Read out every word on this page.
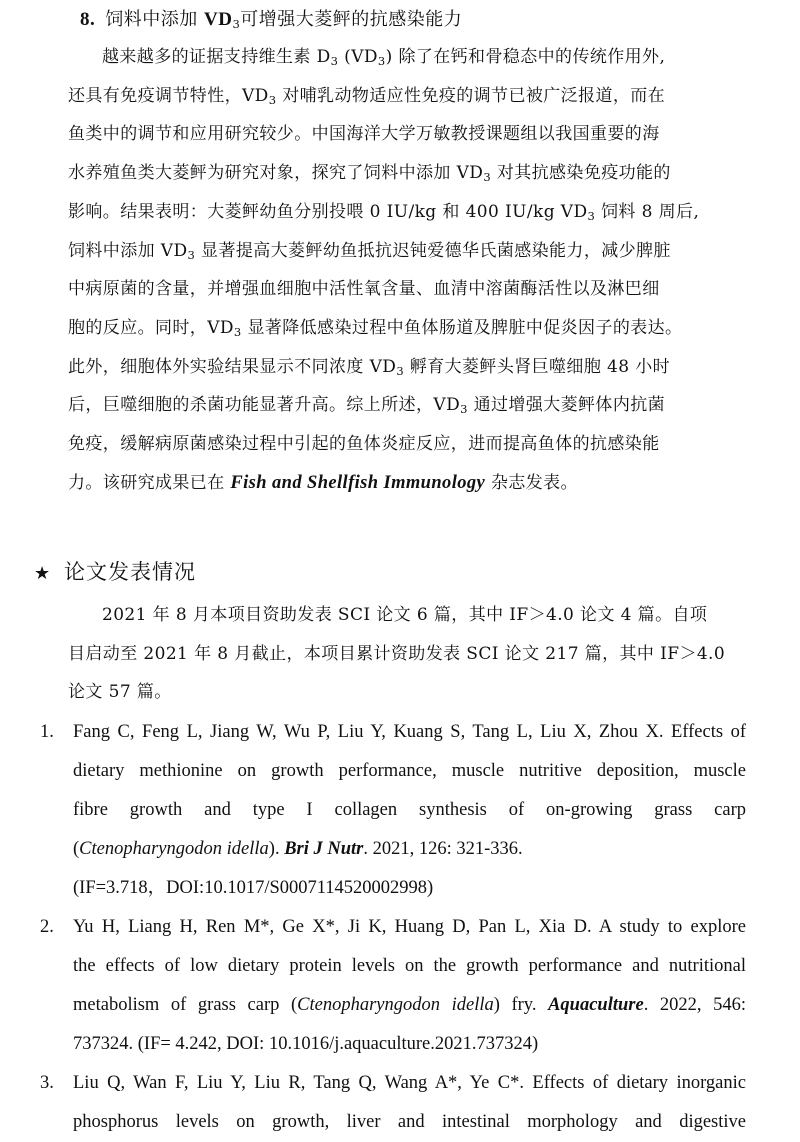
8. 饲料中添加 $VD_3$可增强大菱鲆的抗感染能力
越来越多的证据支持维生素 $D_3$ $(VD_3)$ 除了在钙和骨稳态中的传统作用外,
还具有免疫调节特性，$VD_3$ 对哺乳动物适应性免疫的调节已被广泛报道，而在
鱼类中的调节和应用研究较少。中国海洋大学万敏教授课题组以我国重要的海
水养殖鱼类大菱鲆为研究对象，探究了饲料中添加 $VD_3$ 对其抗感染免疫功能的
影响。结果表明：大菱鲆幼鱼分别投喂 0 IU/kg 和 400 IU/kg $VD_3$ 饲料 8 周后,
饲料中添加 $VD_3$ 显著提高大菱鲆幼鱼抵抗迟钝爱德华氏菌感染能力，减少脾脏
中病原菌的含量，并增强血细胞中活性氧含量、血清中溶菌酶活性以及淋巴细
胞的反应。同时，$VD_3$ 显著降低感染过程中鱼体肠道及脾脏中促炎因子的表达。
此外，细胞体外实验结果显示不同浓度 $VD_3$ 孵育大菱鲆头肾巨噬细胞 48 小时
后，巨噬细胞的杀菌功能显著升高。综上所述，$VD_3$ 通过增强大菱鲆体内抗菌
免疫，缓解病原菌感染过程中引起的鱼体炎症反应，进而提高鱼体的抗感染能
力。该研究成果已在 Fish and Shellfish Immunology 杂志发表。
★ 论文发表情况
2021 年 8 月本项目资助发表 SCI 论文 6 篇，其中 IF＞4.0 论文 4 篇。自项
目启动至 2021 年 8 月截止，本项目累计资助发表 SCI 论文 217 篇，其中 IF＞4.0
论文 57 篇。
1.	Fang C, Feng L, Jiang W, Wu P, Liu Y, Kuang S, Tang L, Liu X, Zhou X. Effects of
dietary methionine on growth performance, muscle nutritive deposition, muscle
fibre growth and type I collagen synthesis of on-growing grass carp
(Ctenopharyngodon idella). Bri J Nutr. 2021, 126: 321-336.
(IF=3.718，DOI:10.1017/S0007114520002998)
2.	Yu H, Liang H, Ren M*, Ge X*, Ji K, Huang D, Pan L, Xia D. A study to explore
the effects of low dietary protein levels on the growth performance and nutritional
metabolism of grass carp (Ctenopharyngodon idella) fry. Aquaculture. 2022, 546:
737324. (IF= 4.242, DOI: 10.1016/j.aquaculture.2021.737324)
3.	Liu Q, Wan F, Liu Y, Liu R, Tang Q, Wang A*, Ye C*. Effects of dietary inorganic
phosphorus levels on growth, liver and intestinal morphology and digestive
